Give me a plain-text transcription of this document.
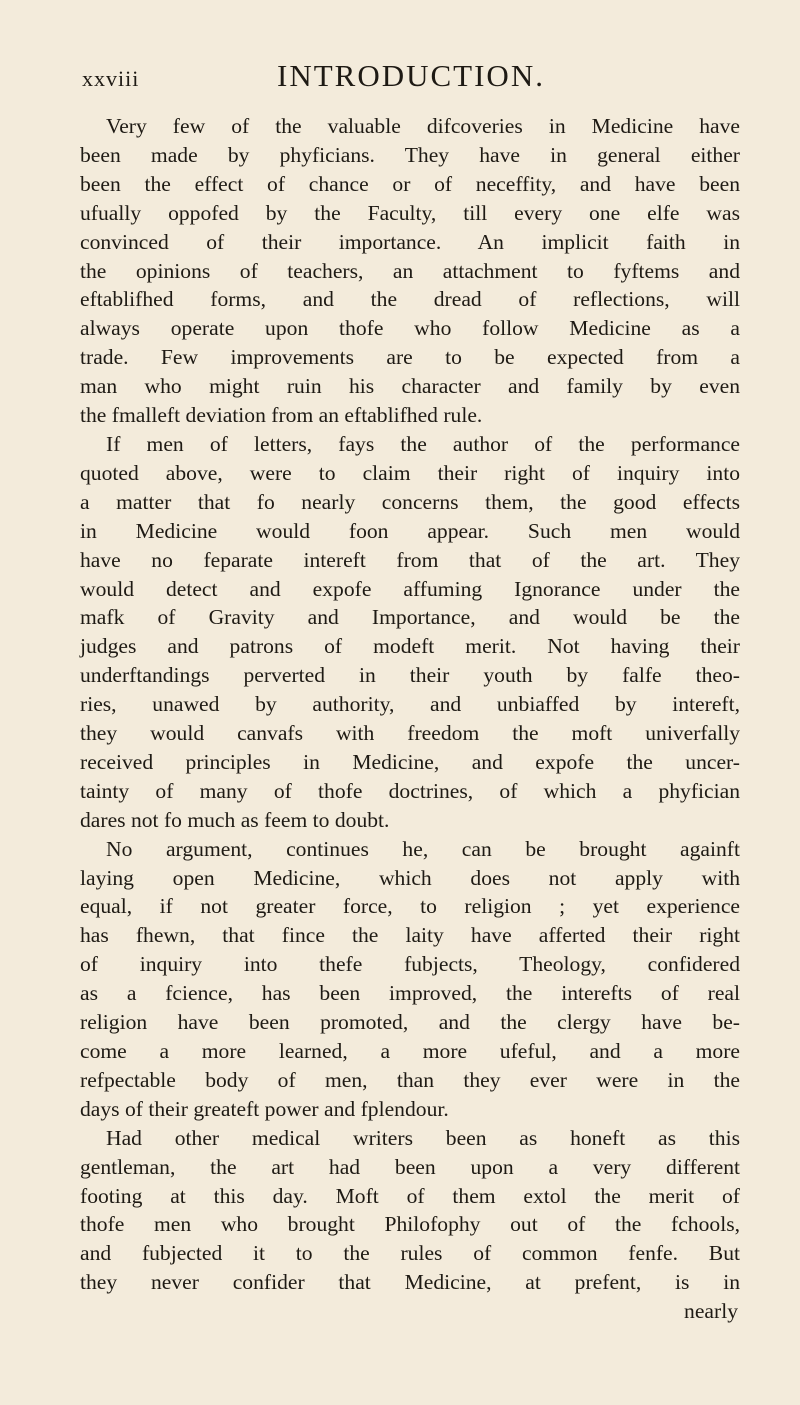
xxviii	INTRODUCTION.
Very few of the valuable difcoveries in Medicine have
been made by phyficians. They have in general either
been the effect of chance or of neceffity, and have been
ufually oppofed by the Faculty, till every one elfe was
convinced of their importance. An implicit faith in
the opinions of teachers, an attachment to fyftems and
eftablifhed forms, and the dread of reflections, will
always operate upon thofe who follow Medicine as a
trade. Few improvements are to be expected from a
man who might ruin his character and family by even
the fmalleft deviation from an eftablifhed rule.
If men of letters, fays the author of the performance
quoted above, were to claim their right of inquiry into
a matter that fo nearly concerns them, the good effects
in Medicine would foon appear. Such men would
have no feparate intereft from that of the art. They
would detect and expofe affuming Ignorance under the
mafk of Gravity and Importance, and would be the
judges and patrons of modeft merit. Not having their
underftandings perverted in their youth by falfe theo-
ries, unawed by authority, and unbiaffed by intereft,
they would canvafs with freedom the moft univerfally
received principles in Medicine, and expofe the uncer-
tainty of many of thofe doctrines, of which a phyfician
dares not fo much as feem to doubt.
No argument, continues he, can be brought againft
laying open Medicine, which does not apply with
equal, if not greater force, to religion ; yet experience
has fhewn, that fince the laity have afferted their right
of inquiry into thefe fubjects, Theology, confidered
as a fcience, has been improved, the interefts of real
religion have been promoted, and the clergy have be-
come a more learned, a more ufeful, and a more
refpectable body of men, than they ever were in the
days of their greateft power and fplendour.
Had other medical writers been as honeft as this
gentleman, the art had been upon a very different
footing at this day. Moft of them extol the merit of
thofe men who brought Philofophy out of the fchools,
and fubjected it to the rules of common fenfe. But
they never confider that Medicine, at prefent, is in
nearly
